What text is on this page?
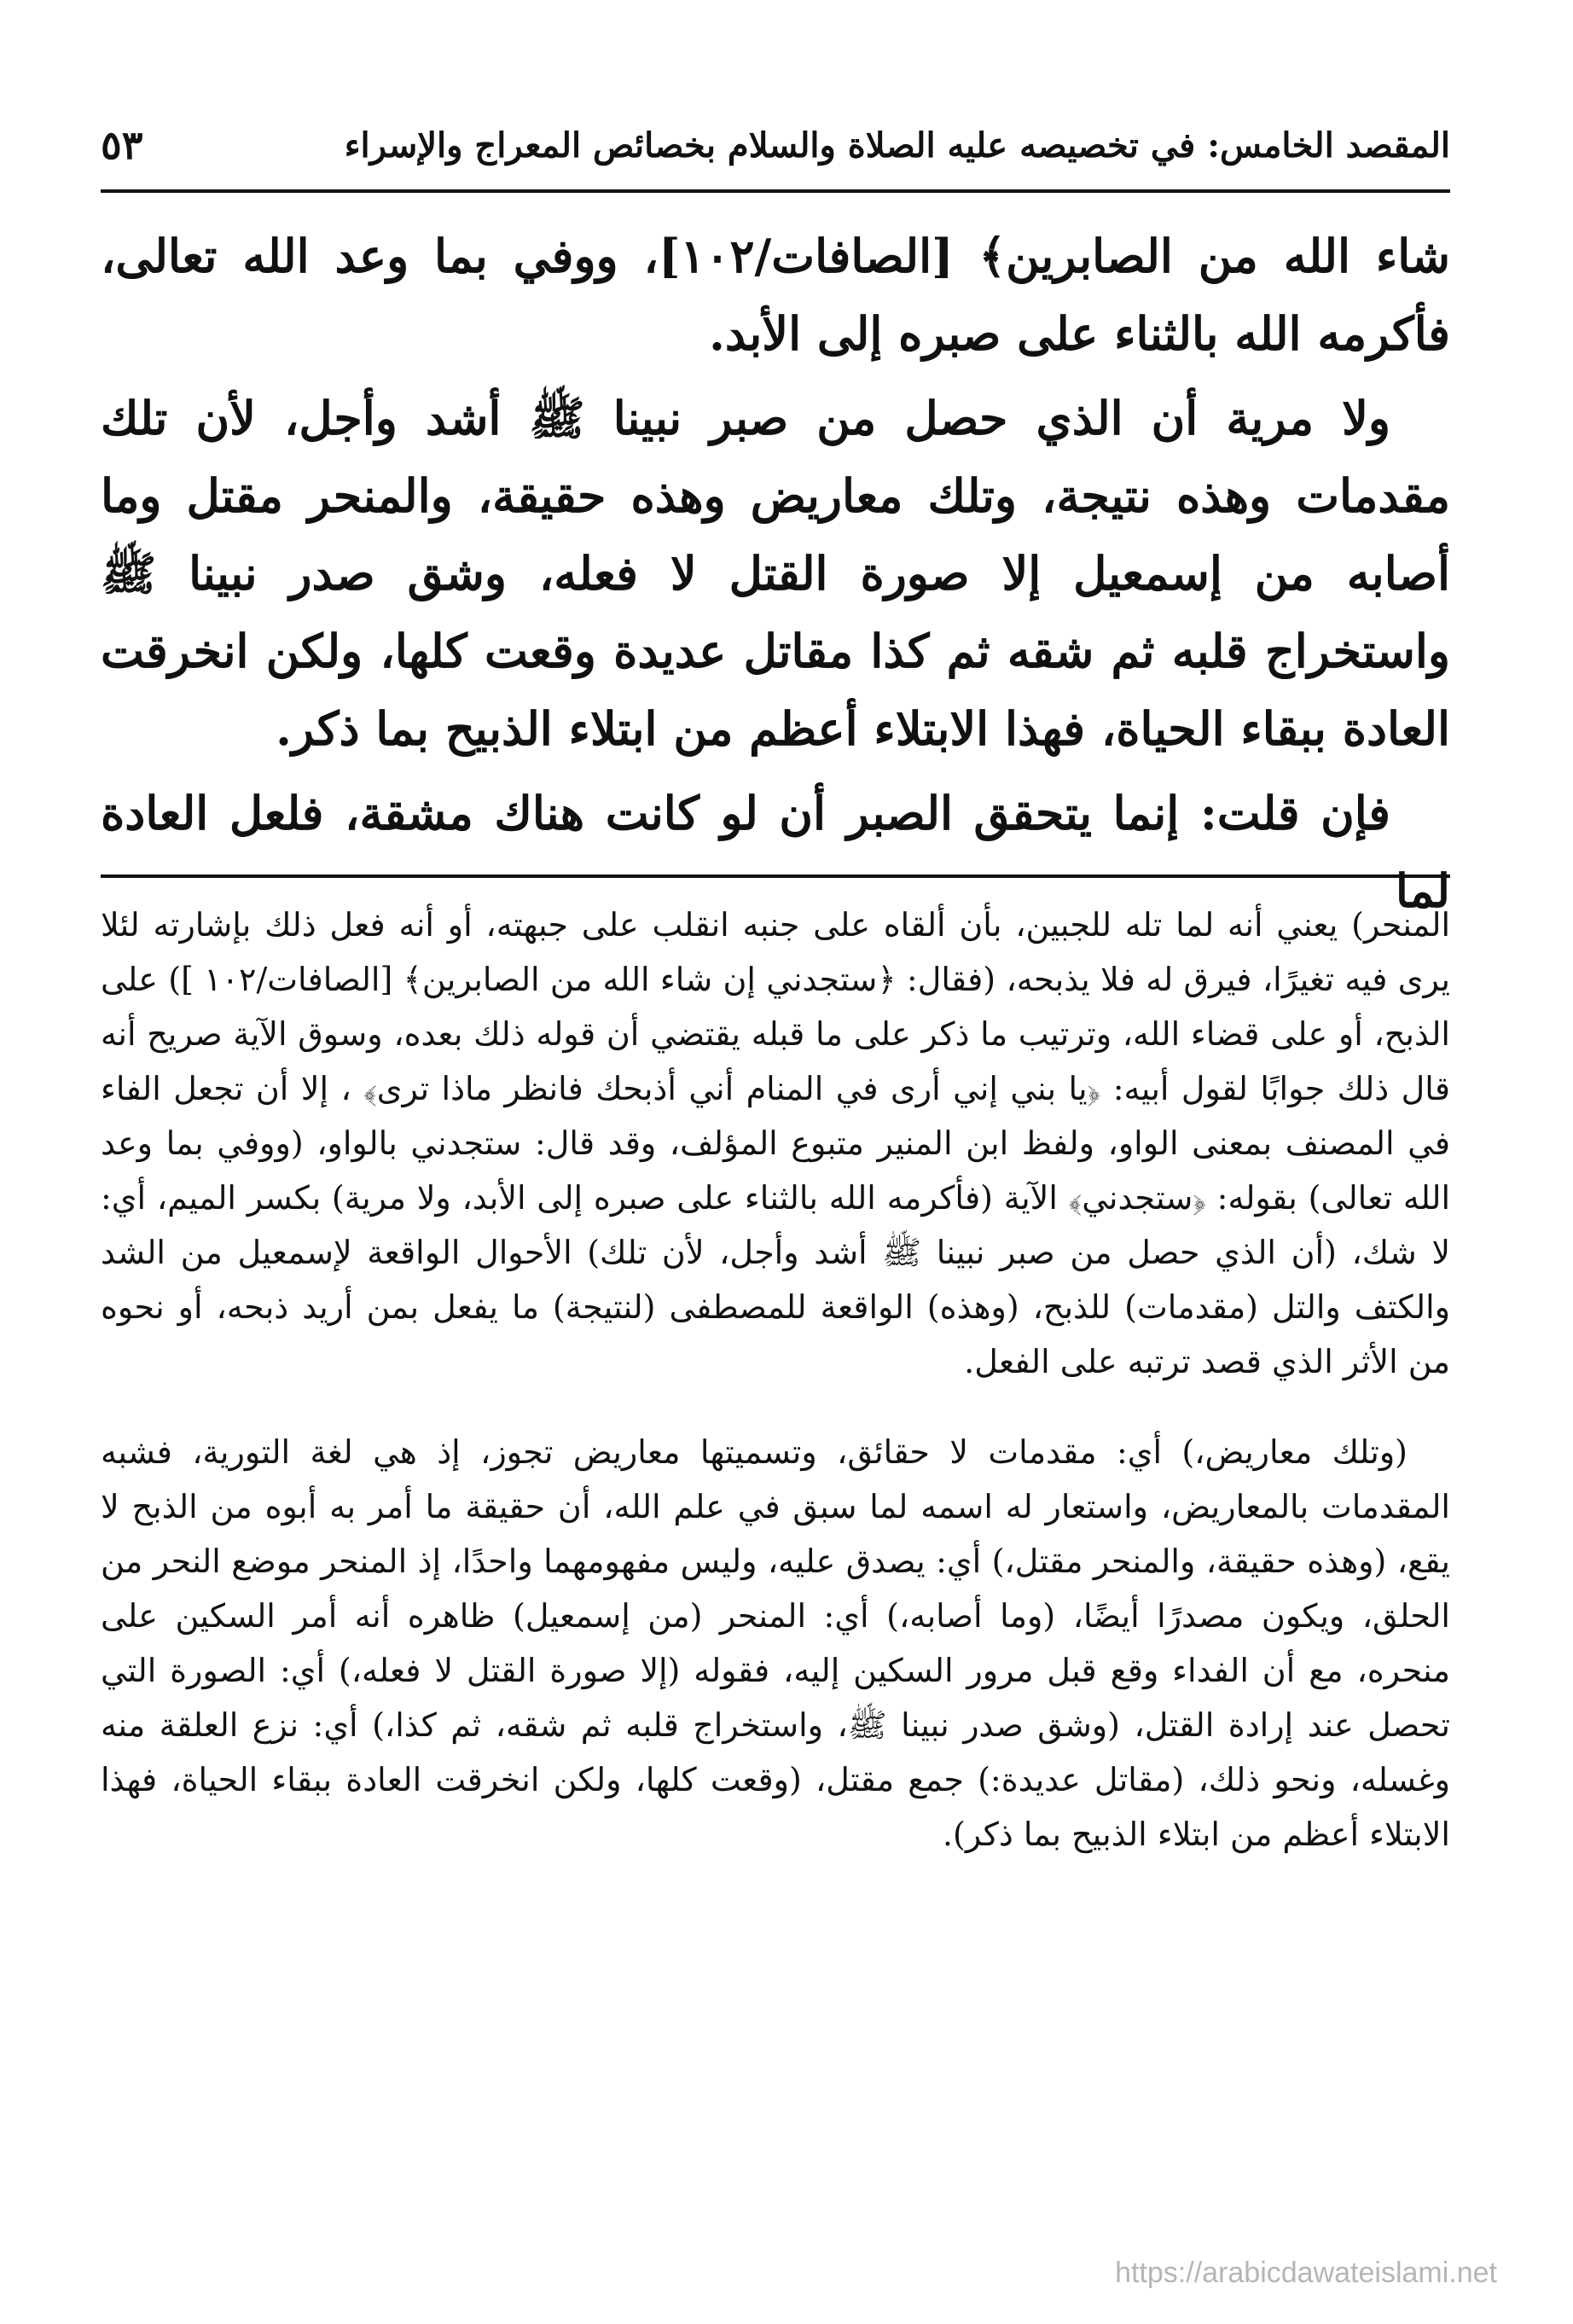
المقصد الخامس: في تخصيصه عليه الصلاة والسلام بخصائص المعراج والإسراء
٥٣

شاء الله من الصابرين﴾ [الصافات/١٠٢]، ووفي بما وعد الله تعالى، فأكرمه الله بالثناء على صبره إلى الأبد.

ولا مرية أن الذي حصل من صبر نبينا ﷺ أشد وأجل، لأن تلك مقدمات وهذه نتيجة، وتلك معاريض وهذه حقيقة، والمنحر مقتل وما أصابه من إسمعيل إلا صورة القتل لا فعله، وشق صدر نبينا ﷺ واستخراج قلبه ثم شقه ثم كذا مقاتل عديدة وقعت كلها، ولكن انخرقت العادة ببقاء الحياة، فهذا الابتلاء أعظم من ابتلاء الذبيح بما ذكر.

فإن قلت: إنما يتحقق الصبر أن لو كانت هناك مشقة، فلعل العادة لما

المنحر) يعني أنه لما تله للجبين، بأن ألقاه على جنبه انقلب على جبهته، أو أنه فعل ذلك بإشارته لئلا يرى فيه تغيرًا، فيرق له فلا يذبحه، (فقال: ﴿ستجدني إن شاء الله من الصابرين﴾ [الصافات/١٠٢ ]) على الذبح، أو على قضاء الله، وترتيب ما ذكر على ما قبله يقتضي أن قوله ذلك بعده، وسوق الآية صريح أنه قال ذلك جوابًا لقول أبيه: ﴿يا بني إني أرى في المنام أني أذبحك فانظر ماذا ترى﴾ ، إلا أن تجعل الفاء في المصنف بمعنى الواو، ولفظ ابن المنير متبوع المؤلف، وقد قال: ستجدني بالواو، (ووفي بما وعد الله تعالى) بقوله: ﴿ستجدني﴾ الآية (فأكرمه الله بالثناء على صبره إلى الأبد، ولا مرية) بكسر الميم، أي: لا شك، (أن الذي حصل من صبر نبينا ﷺ أشد وأجل، لأن تلك) الأحوال الواقعة لإسمعيل من الشد والكتف والتل (مقدمات) للذبح، (وهذه) الواقعة للمصطفى (لنتيجة) ما يفعل بمن أريد ذبحه، أو نحوه من الأثر الذي قصد ترتبه على الفعل.

(وتلك معاريض،) أي: مقدمات لا حقائق، وتسميتها معاريض تجوز، إذ هي لغة التورية، فشبه المقدمات بالمعاريض، واستعار له اسمه لما سبق في علم الله، أن حقيقة ما أمر به أبوه من الذبح لا يقع، (وهذه حقيقة، والمنحر مقتل،) أي: يصدق عليه، وليس مفهومهما واحدًا، إذ المنحر موضع النحر من الحلق، ويكون مصدرًا أيضًا، (وما أصابه،) أي: المنحر (من إسمعيل) ظاهره أنه أمر السكين على منحره، مع أن الفداء وقع قبل مرور السكين إليه، فقوله (إلا صورة القتل لا فعله،) أي: الصورة التي تحصل عند إرادة القتل، (وشق صدر نبينا ﷺ، واستخراج قلبه ثم شقه، ثم كذا،) أي: نزع العلقة منه وغسله، ونحو ذلك، (مقاتل عديدة:) جمع مقتل، (وقعت كلها، ولكن انخرقت العادة ببقاء الحياة، فهذا الابتلاء أعظم من ابتلاء الذبيح بما ذكر).

https://arabicdawateislami.net
